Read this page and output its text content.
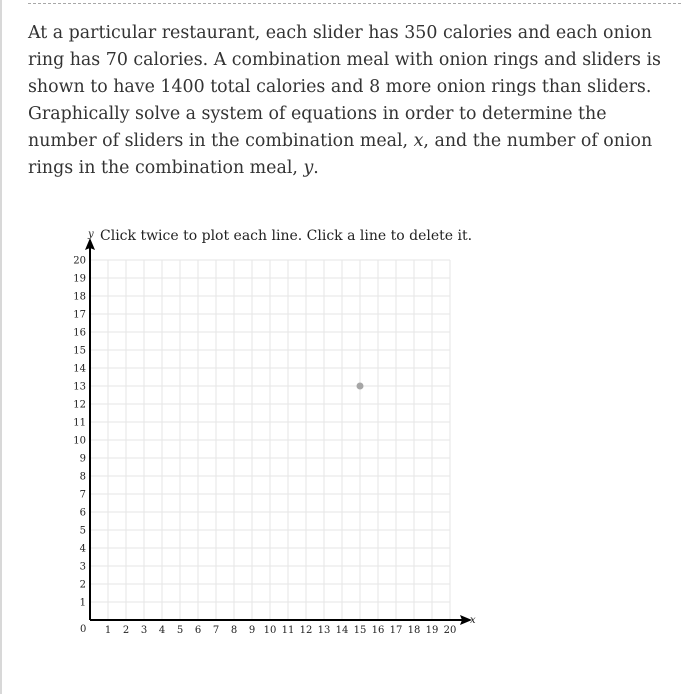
At a particular restaurant, each slider has 350 calories and each onion ring has 70 calories. A combination meal with onion rings and sliders is shown to have 1400 total calories and 8 more onion rings than sliders. Graphically solve a system of equations in order to determine the number of sliders in the combination meal, x, and the number of onion rings in the combination meal, y.

1 2 3 4 5 6 7 8 9 10 11 12 13 14 15 16 17 18 19 20
1
2
3
4
5
6
7
8
9
10
11
12
13
14
15
16
17
18
19
20
Click twice to plot each line. Click a line to delete it.
y
x
0
